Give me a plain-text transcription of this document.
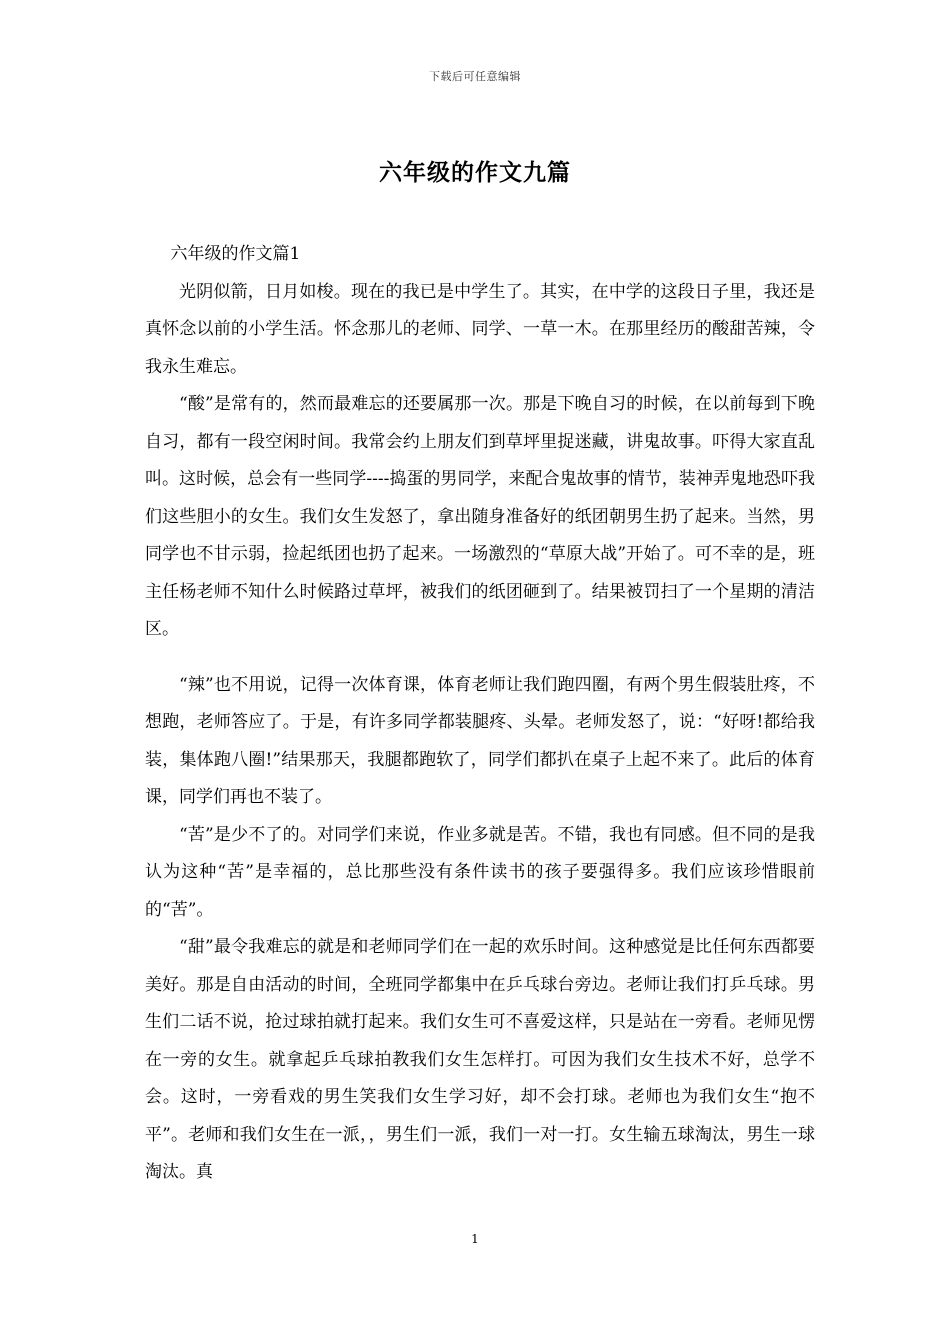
下载后可任意编辑
六年级的作文九篇

六年级的作文篇1

光阴似箭，日月如梭。现在的我已是中学生了。其实，在中学的这段日子里，我还是真怀念以前的小学生活。怀念那儿的老师、同学、一草一木。在那里经历的酸甜苦辣，令我永生难忘。

“酸”是常有的，然而最难忘的还要属那一次。那是下晚自习的时候，在以前每到下晚自习，都有一段空闲时间。我常会约上朋友们到草坪里捉迷藏，讲鬼故事。吓得大家直乱叫。这时候，总会有一些同学----捣蛋的男同学，来配合鬼故事的情节，装神弄鬼地恐吓我们这些胆小的女生。我们女生发怒了，拿出随身准备好的纸团朝男生扔了起来。当然，男同学也不甘示弱，捡起纸团也扔了起来。一场激烈的“草原大战”开始了。可不幸的是，班主任杨老师不知什么时候路过草坪，被我们的纸团砸到了。结果被罚扫了一个星期的清洁区。

“辣”也不用说，记得一次体育课，体育老师让我们跑四圈，有两个男生假装肚疼，不想跑，老师答应了。于是，有许多同学都装腿疼、头晕。老师发怒了，说：“好呀!都给我装，集体跑八圈!”结果那天，我腿都跑软了，同学们都扒在桌子上起不来了。此后的体育课，同学们再也不装了。

“苦”是少不了的。对同学们来说，作业多就是苦。不错，我也有同感。但不同的是我认为这种“苦”是幸福的，总比那些没有条件读书的孩子要强得多。我们应该珍惜眼前的“苦”。

“甜”最令我难忘的就是和老师同学们在一起的欢乐时间。这种感觉是比任何东西都要美好。那是自由活动的时间，全班同学都集中在乒乓球台旁边。老师让我们打乒乓球。男生们二话不说，抢过球拍就打起来。我们女生可不喜爱这样，只是站在一旁看。老师见愣在一旁的女生。就拿起乒乓球拍教我们女生怎样打。可因为我们女生技术不好，总学不会。这时，一旁看戏的男生笑我们女生学习好，却不会打球。老师也为我们女生“抱不平”。老师和我们女生在一派，，男生们一派，我们一对一打。女生输五球淘汰，男生一球淘汰。真

1
